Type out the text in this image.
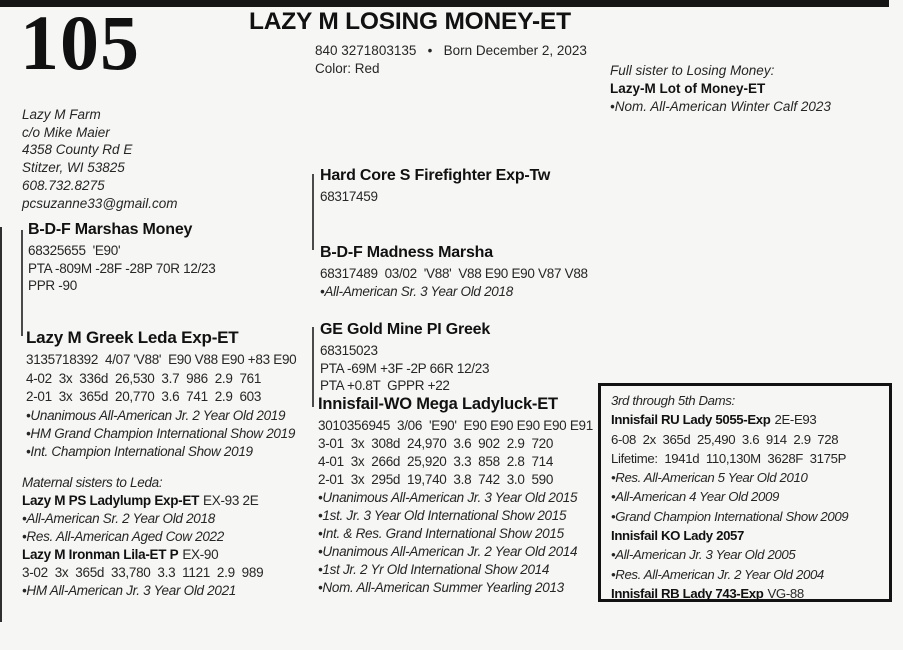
105	LAZY M LOSING MONEY-ET
840 3271803135   •   Born December 2, 2023
Color: Red	Full sister to Losing Money:
Lazy-M Lot of Money-ET
•Nom. All-American Winter Calf 2023
Lazy M Farm
c/o Mike Maier
4358 County Rd E
Stitzer, WI 53825
608.732.8275
pcsuzanne33@gmail.com
B-D-F Marshas Money
68325655  'E90'
PTA -809M -28F -28P 70R 12/23
PPR -90
Lazy M Greek Leda Exp-ET
3135718392  4/07 'V88'  E90 V88 E90 +83 E90
4-02  3x  336d  26,530  3.7  986  2.9  761
2-01  3x  365d  20,770  3.6  741  2.9  603
•Unanimous All-American Jr. 2 Year Old 2019
•HM Grand Champion International Show 2019
•Int. Champion International Show 2019
Maternal sisters to Leda:
Lazy M PS Ladylump Exp-ET EX-93 2E
•All-American Sr. 2 Year Old 2018
•Res. All-American Aged Cow 2022
Lazy M Ironman Lila-ET P EX-90
3-02  3x  365d  33,780  3.3  1121  2.9  989
•HM All-American Jr. 3 Year Old 2021
Hard Core S Firefighter Exp-Tw
68317459
B-D-F Madness Marsha
68317489  03/02  'V88'  V88 E90 E90 V87 V88
•All-American Sr. 3 Year Old 2018
GE Gold Mine PI Greek
68315023
PTA -69M +3F -2P 66R 12/23
PTA +0.8T  GPPR +22
Innisfail-WO Mega Ladyluck-ET
3010356945  3/06  'E90'  E90 E90 E90 E90 E91
3-01  3x  308d  24,970  3.6  902  2.9  720
4-01  3x  266d  25,920  3.3  858  2.8  714
2-01  3x  295d  19,740  3.8  742  3.0  590
•Unanimous All-American Jr. 3 Year Old 2015
•1st. Jr. 3 Year Old International Show 2015
•Int. & Res. Grand International Show 2015
•Unanimous All-American Jr. 2 Year Old 2014
•1st Jr. 2 Yr Old International Show 2014
•Nom. All-American Summer Yearling 2013
3rd through 5th Dams:
Innisfail RU Lady 5055-Exp 2E-E93
6-08  2x  365d  25,490  3.6  914  2.9  728
Lifetime:  1941d  110,130M  3628F  3175P
•Res. All-American 5 Year Old 2010
•All-American 4 Year Old 2009
•Grand Champion International Show 2009
Innisfail KO Lady 2057
•All-American Jr. 3 Year Old 2005
•Res. All-American Jr. 2 Year Old 2004
Innisfail RB Lady 743-Exp VG-88
